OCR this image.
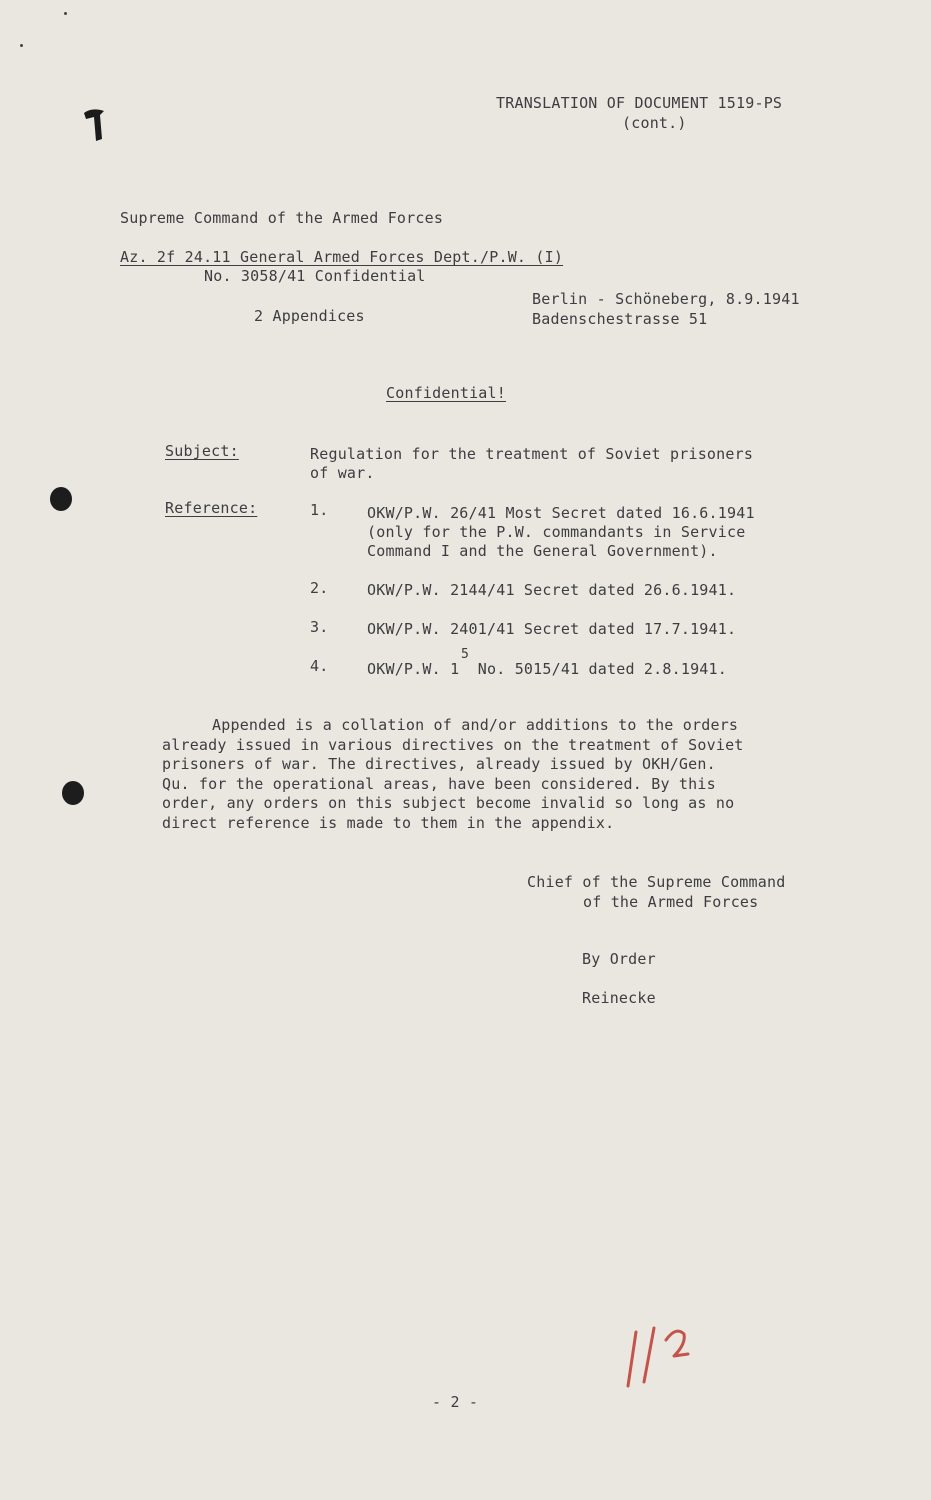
TRANSLATION OF DOCUMENT 1519-PS
(cont.)
Supreme Command of the Armed Forces
Az. 2f 24.11 General Armed Forces Dept./P.W. (I)
No. 3058/41 Confidential
Berlin - Schöneberg, 8.9.1941
Badenschestrasse 51
2 Appendices
Confidential!
Subject:	Regulation for the treatment of Soviet prisoners
of war.
Reference:	1.	OKW/P.W. 26/41 Most Secret dated 16.6.1941
(only for the P.W. commandants in Service
Command I and the General Government).
2.	OKW/P.W. 2144/41 Secret dated 26.6.1941.
3.	OKW/P.W. 2401/41 Secret dated 17.7.1941.
4.	OKW/P.W. 1  No. 5015/41 dated 2.8.1941.
5
Appended is a collation of and/or additions to the orders
already issued in various directives on the treatment of Soviet
prisoners of war. The directives, already issued by OKH/Gen.
Qu. for the operational areas, have been considered. By this
order, any orders on this subject become invalid so long as no
direct reference is made to them in the appendix.
Chief of the Supreme Command
of the Armed Forces
By Order
Reinecke
- 2 -
